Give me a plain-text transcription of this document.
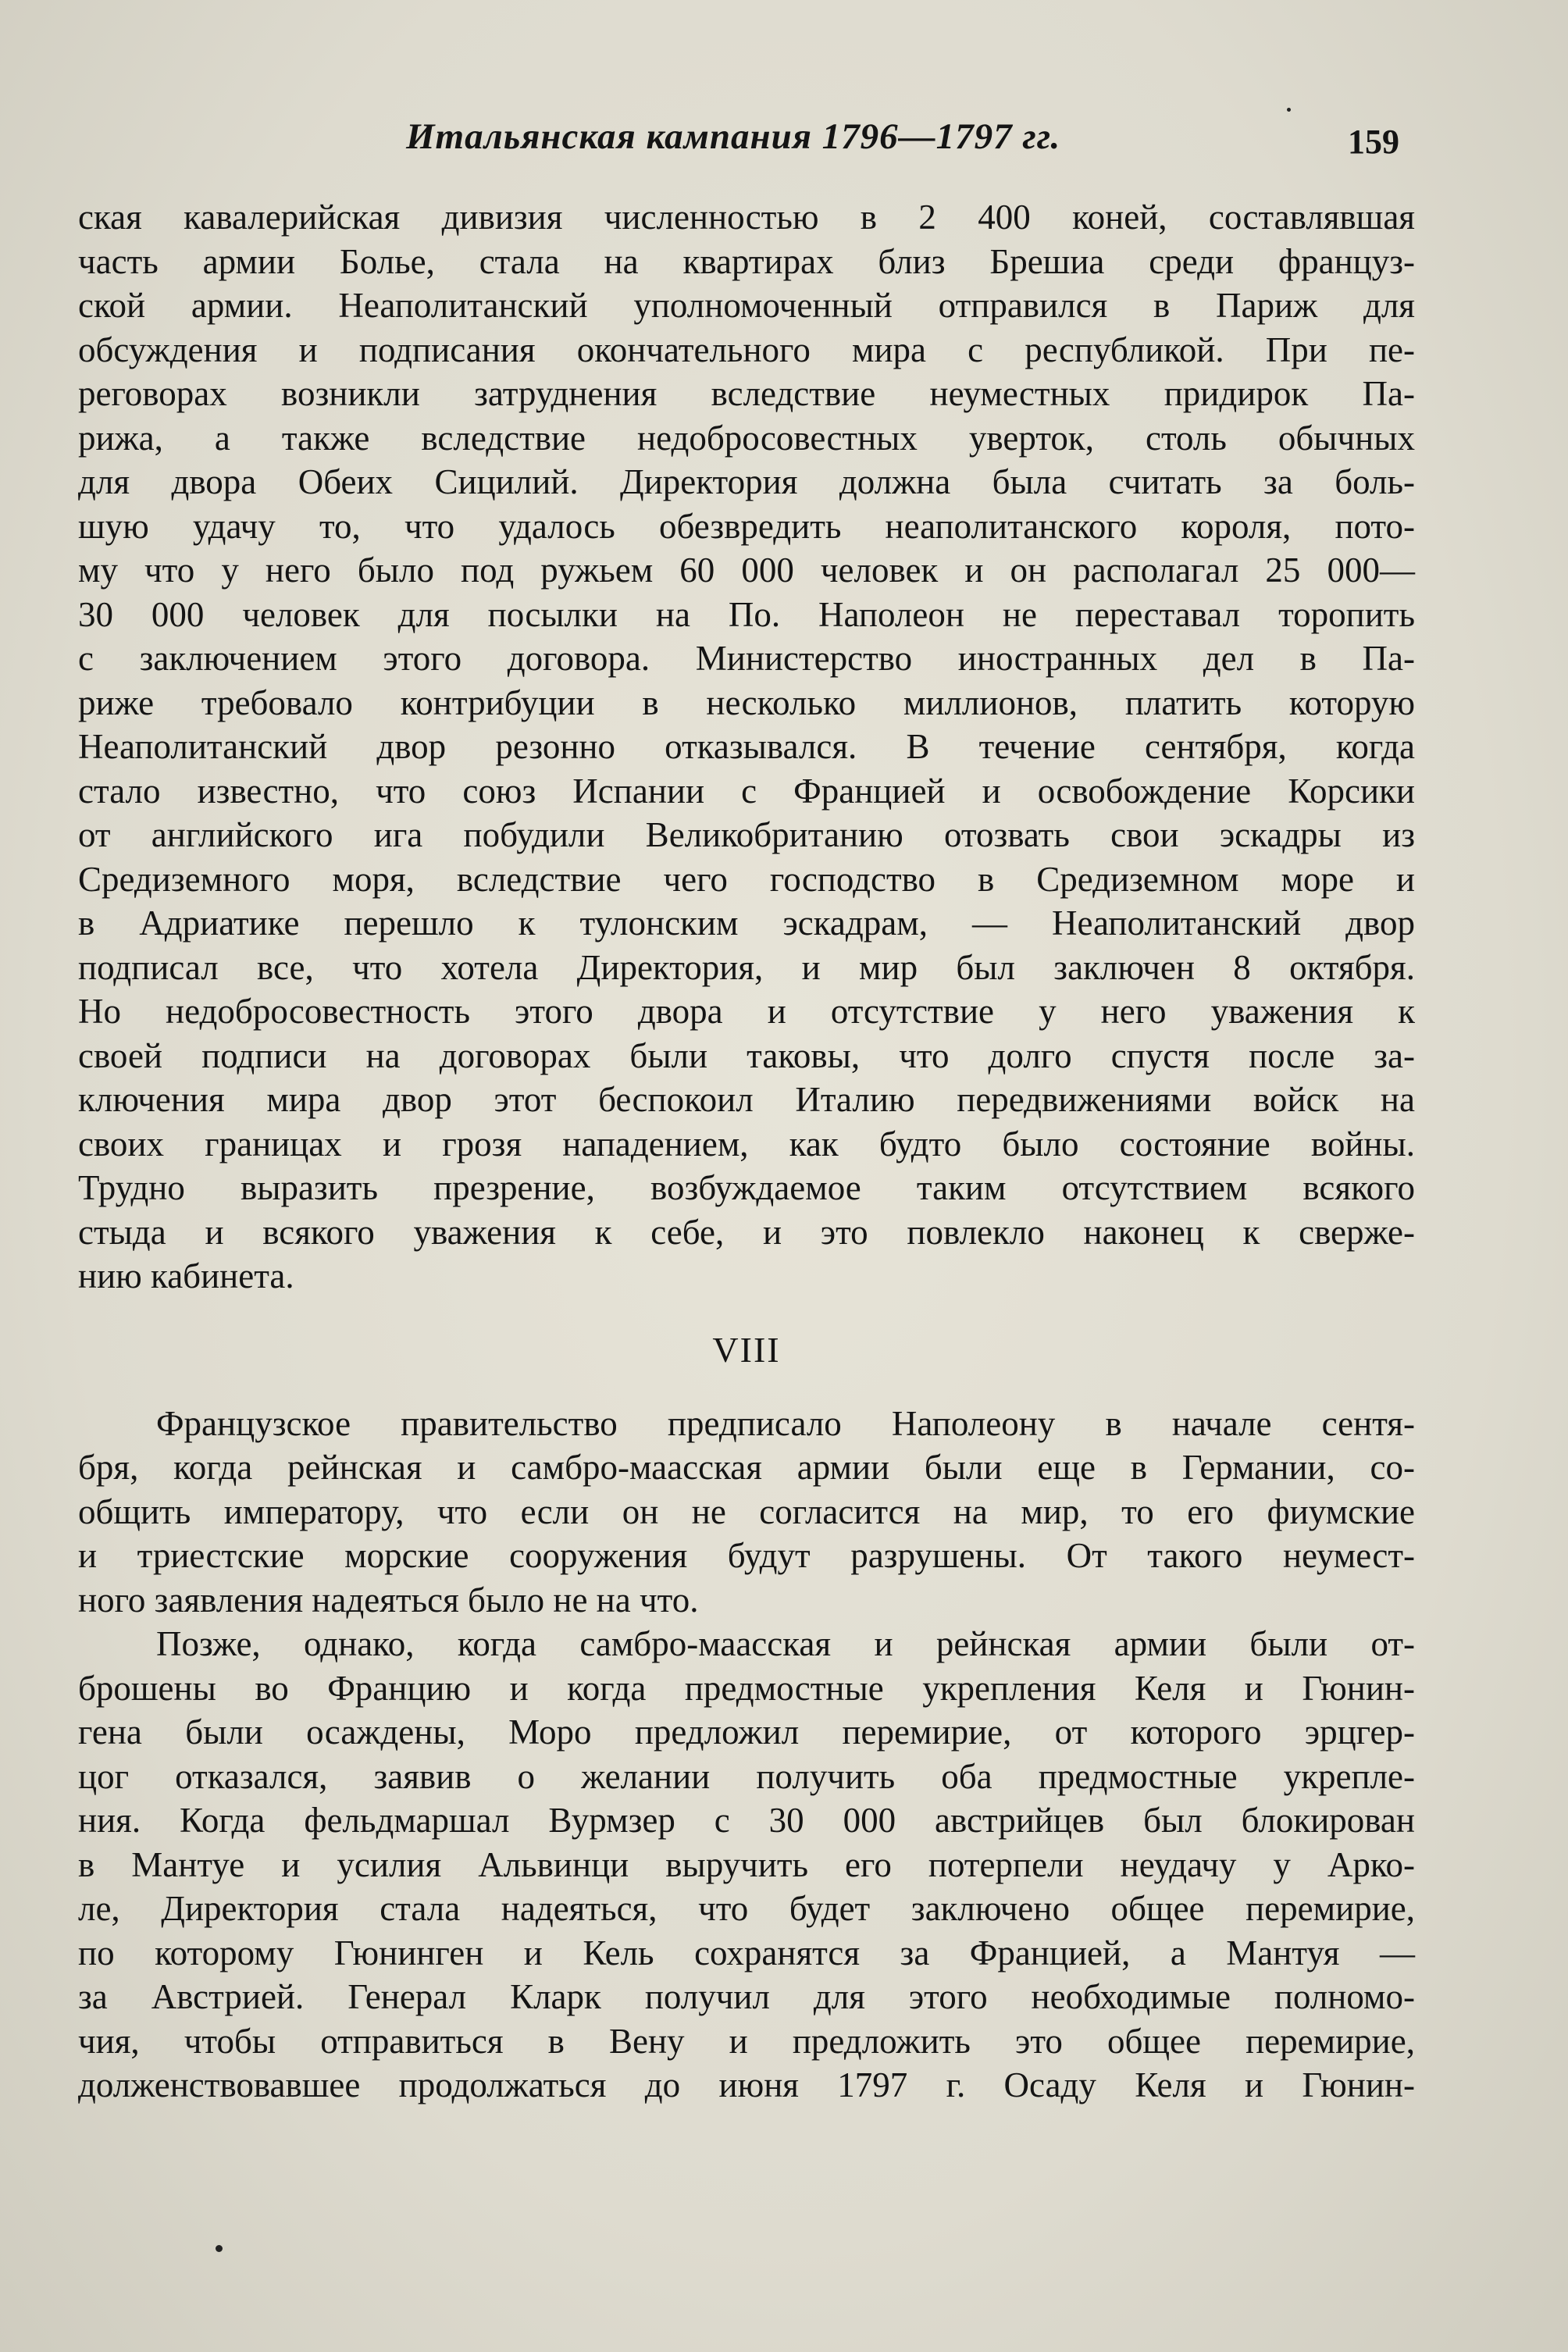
Итальянская кампания 1796—1797 гг.	159
ская кавалерийская дивизия численностью в 2 400 коней, составлявшая
часть армии Болье, стала на квартирах близ Брешиа среди француз-
ской армии. Неаполитанский уполномоченный отправился в Париж для
обсуждения и подписания окончательного мира с республикой. При пе-
реговорах возникли затруднения вследствие неуместных придирок Па-
рижа, а также вследствие недобросовестных уверток, столь обычных
для двора Обеих Сицилий. Директория должна была считать за боль-
шую удачу то, что удалось обезвредить неаполитанского короля, пото-
му что у него было под ружьем 60 000 человек и он располагал 25 000—
30 000 человек для посылки на По. Наполеон не переставал торопить
с заключением этого договора. Министерство иностранных дел в Па-
риже требовало контрибуции в несколько миллионов, платить которую
Неаполитанский двор резонно отказывался. В течение сентября, когда
стало известно, что союз Испании с Францией и освобождение Корсики
от английского ига побудили Великобританию отозвать свои эскадры из
Средиземного моря, вследствие чего господство в Средиземном море и
в Адриатике перешло к тулонским эскадрам, — Неаполитанский двор
подписал все, что хотела Директория, и мир был заключен 8 октября.
Но недобросовестность этого двора и отсутствие у него уважения к
своей подписи на договорах были таковы, что долго спустя после за-
ключения мира двор этот беспокоил Италию передвижениями войск на
своих границах и грозя нападением, как будто было состояние войны.
Трудно выразить презрение, возбуждаемое таким отсутствием всякого
стыда и всякого уважения к себе, и это повлекло наконец к сверже-
нию кабинета.
VIII
Французское правительство предписало Наполеону в начале сентя-
бря, когда рейнская и самбро-маасская армии были еще в Германии, со-
общить императору, что если он не согласится на мир, то его фиумские
и триестские морские сооружения будут разрушены. От такого неумест-
ного заявления надеяться было не на что.
Позже, однако, когда самбро-маасская и рейнская армии были от-
брошены во Францию и когда предмостные укрепления Келя и Гюнин-
гена были осаждены, Моро предложил перемирие, от которого эрцгер-
цог отказался, заявив о желании получить оба предмостные укрепле-
ния. Когда фельдмаршал Вурмзер с 30 000 австрийцев был блокирован
в Мантуе и усилия Альвинци выручить его потерпели неудачу у Арко-
ле, Директория стала надеяться, что будет заключено общее перемирие,
по которому Гюнинген и Кель сохранятся за Францией, а Мантуя —
за Австрией. Генерал Кларк получил для этого необходимые полномо-
чия, чтобы отправиться в Вену и предложить это общее перемирие,
долженствовавшее продолжаться до июня 1797 г. Осаду Келя и Гюнин-
